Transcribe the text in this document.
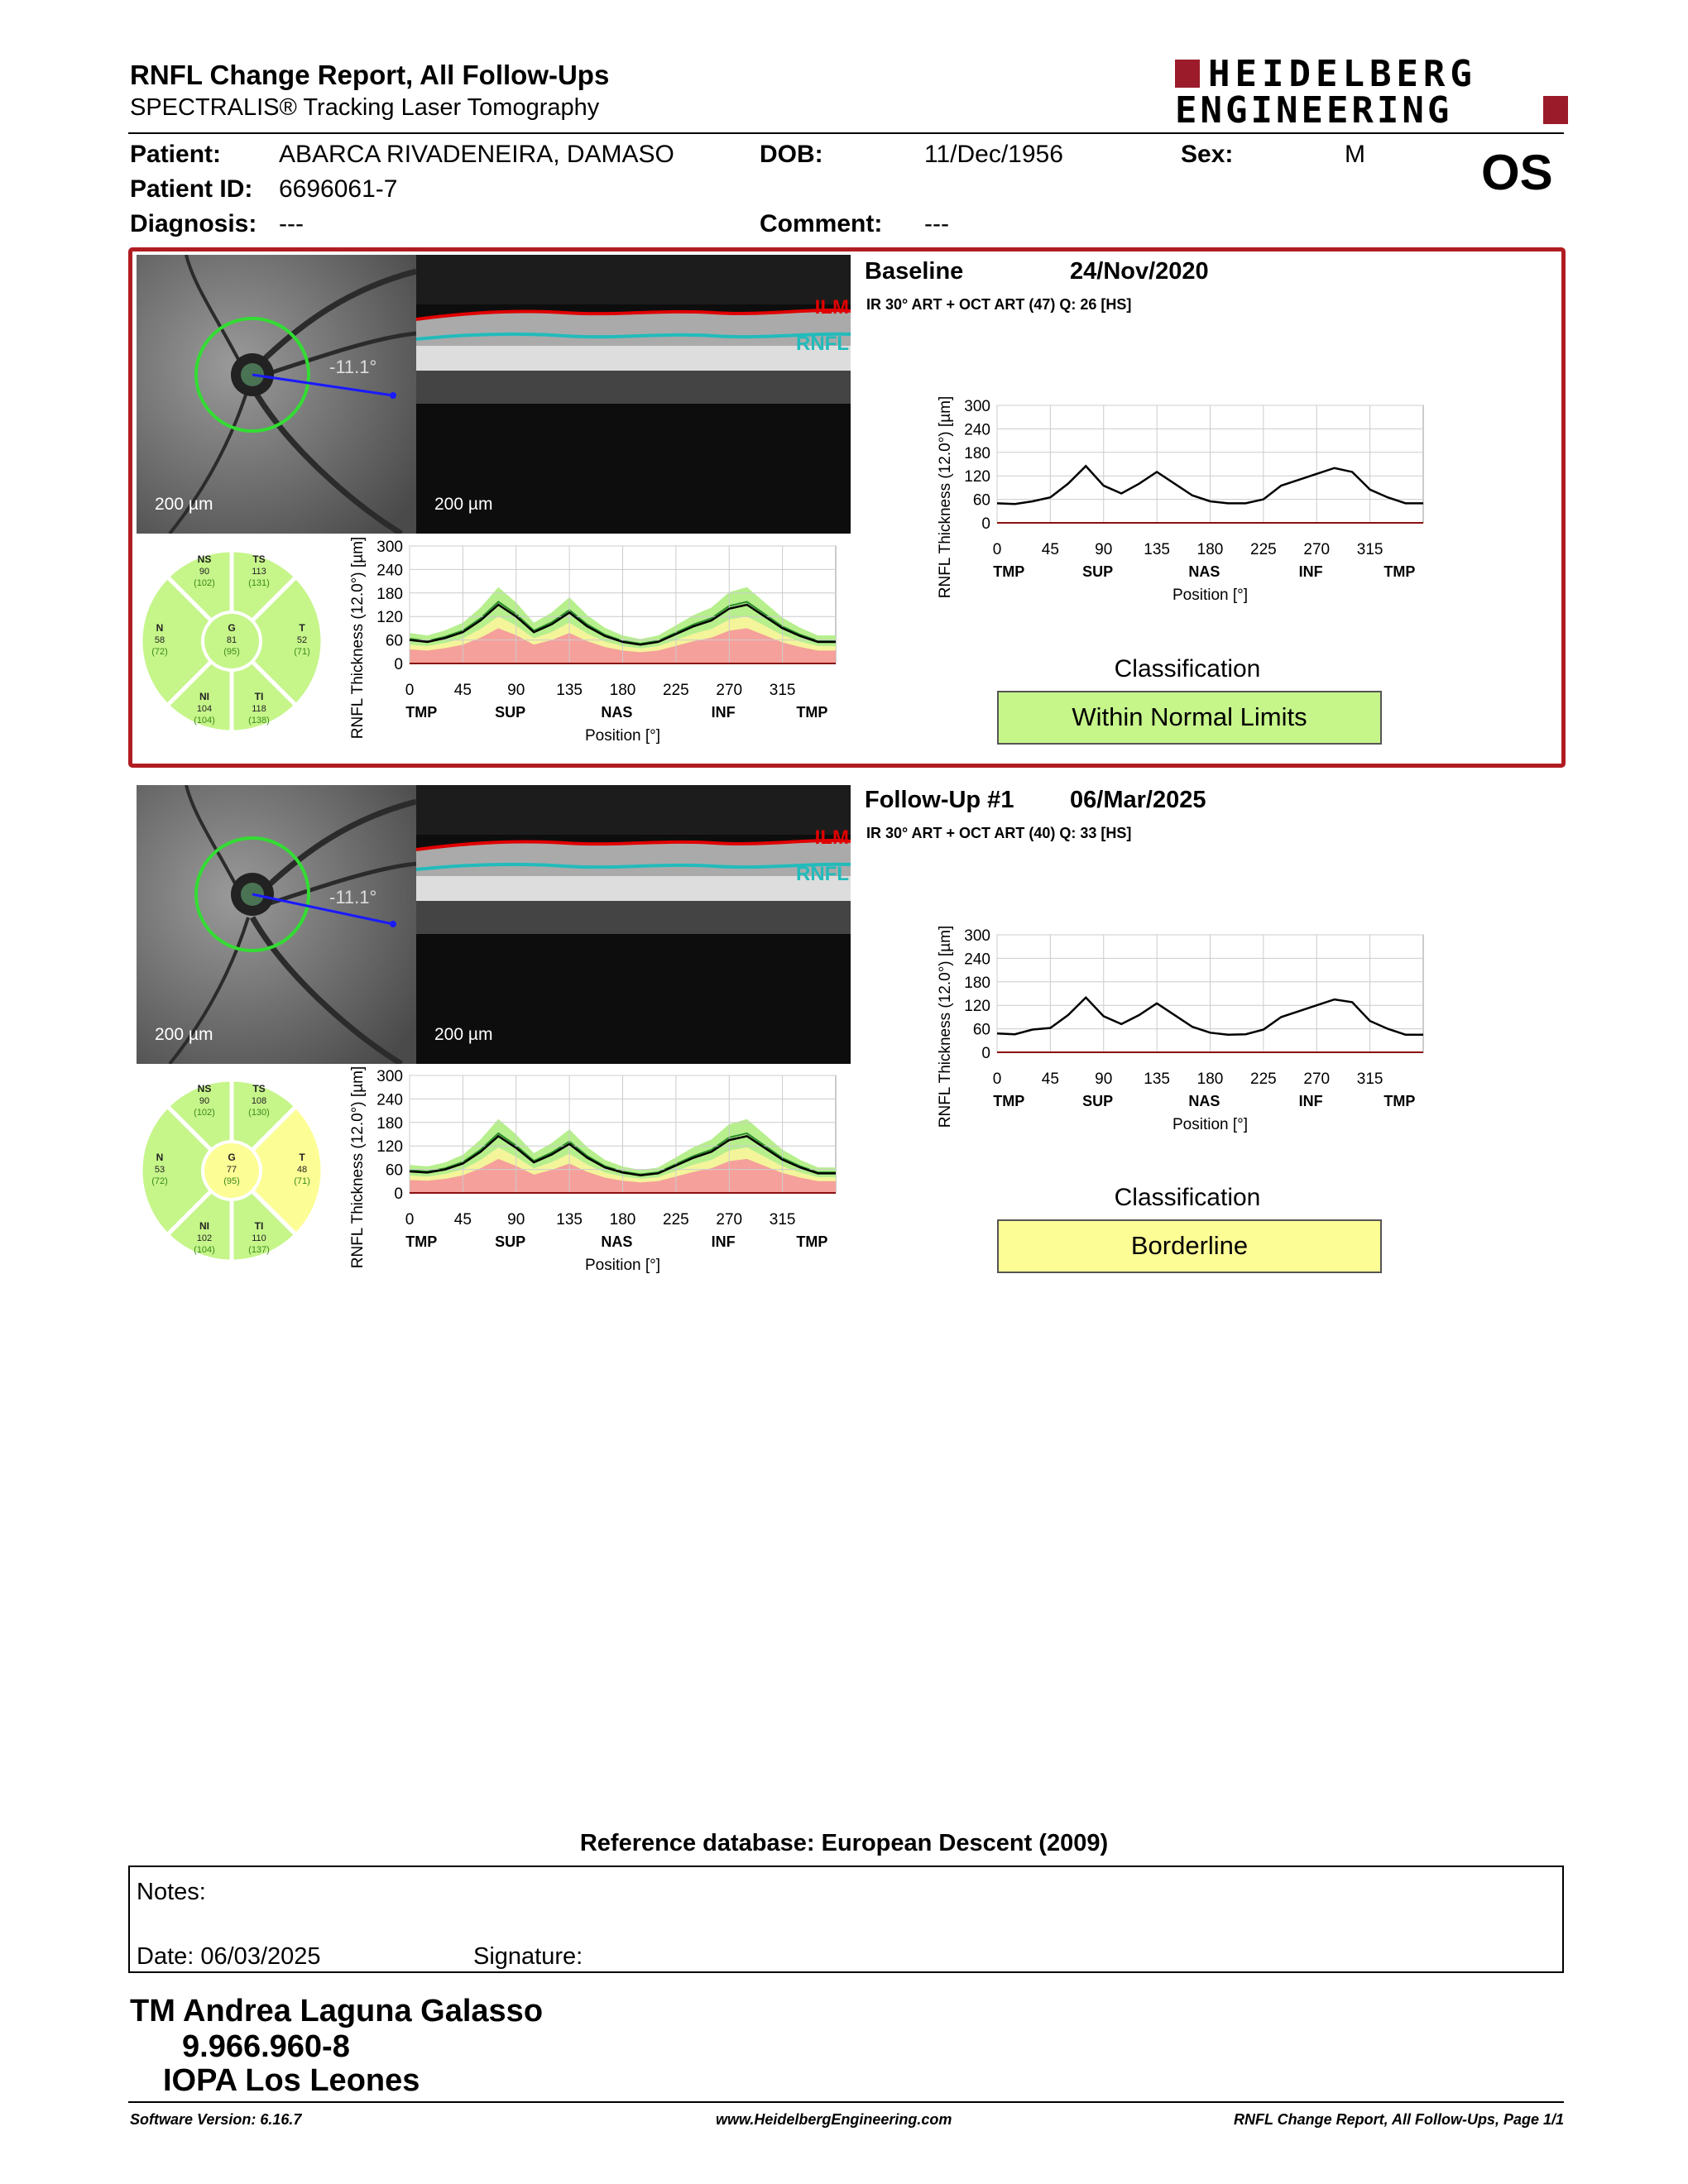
RNFL Change Report, All Follow-Ups
SPECTRALIS® Tracking Laser Tomography
HEIDELBERG
ENGINEERING
OS
Patient: ABARCA RIVADENEIRA, DAMASO	DOB:	11/Dec/1956	Sex:	M
Patient ID: 6696061-7
Diagnosis: ---	Comment: ---
-11.1°
200 µm
ILM
RNFL
200 µm
Baseline	24/Nov/2020
IR 30° ART + OCT ART (47) Q: 26 [HS]
-11.1°
200 µm
ILM
RNFL
200 µm
Follow-Up #1 06/Mar/2025
IR 30° ART + OCT ART (40) Q: 33 [HS]
T
52
(71)
TS
113
(131)
NS
90
(102)
N
58
(72)
NI
104
(104)
TI
118
(138)
G
81
(95)
T
48
(71)
TS
108
(130)
NS
90
(102)
N
53
(72)
NI
102
(104)
TI
110
(137)
G
77
(95)
0
60
120
180
240
300
0	45 90 135 180 225 270 315
TMP	SUP	NAS	INF	TMP
Position [°]
RNFL Thickness (12.0°) [µm]
0
60
120
180
240
300
0	45 90 135 180 225 270 315
TMP	SUP	NAS	INF	TMP
Position [°]
RNFL Thickness (12.0°) [µm]
0
60
120
180
240
300
0	45 90 135 180 225 270 315
TMP	SUP	NAS	INF	TMP
Position [°]
RNFL Thickness (12.0°) [µm]
0
60
120
180
240
300
0	45 90 135 180 225 270 315
TMP	SUP	NAS	INF	TMP
Position [°]
RNFL Thickness (12.0°) [µm]
Classification
Within Normal Limits
Classification
Borderline
Reference database: European Descent (2009)
Notes:
Date: 06/03/2025	Signature:
TM Andrea Laguna Galasso
9.966.960-8
IOPA Los Leones
Software Version: 6.16.7	www.HeidelbergEngineering.com	RNFL Change Report, All Follow-Ups, Page 1/1
